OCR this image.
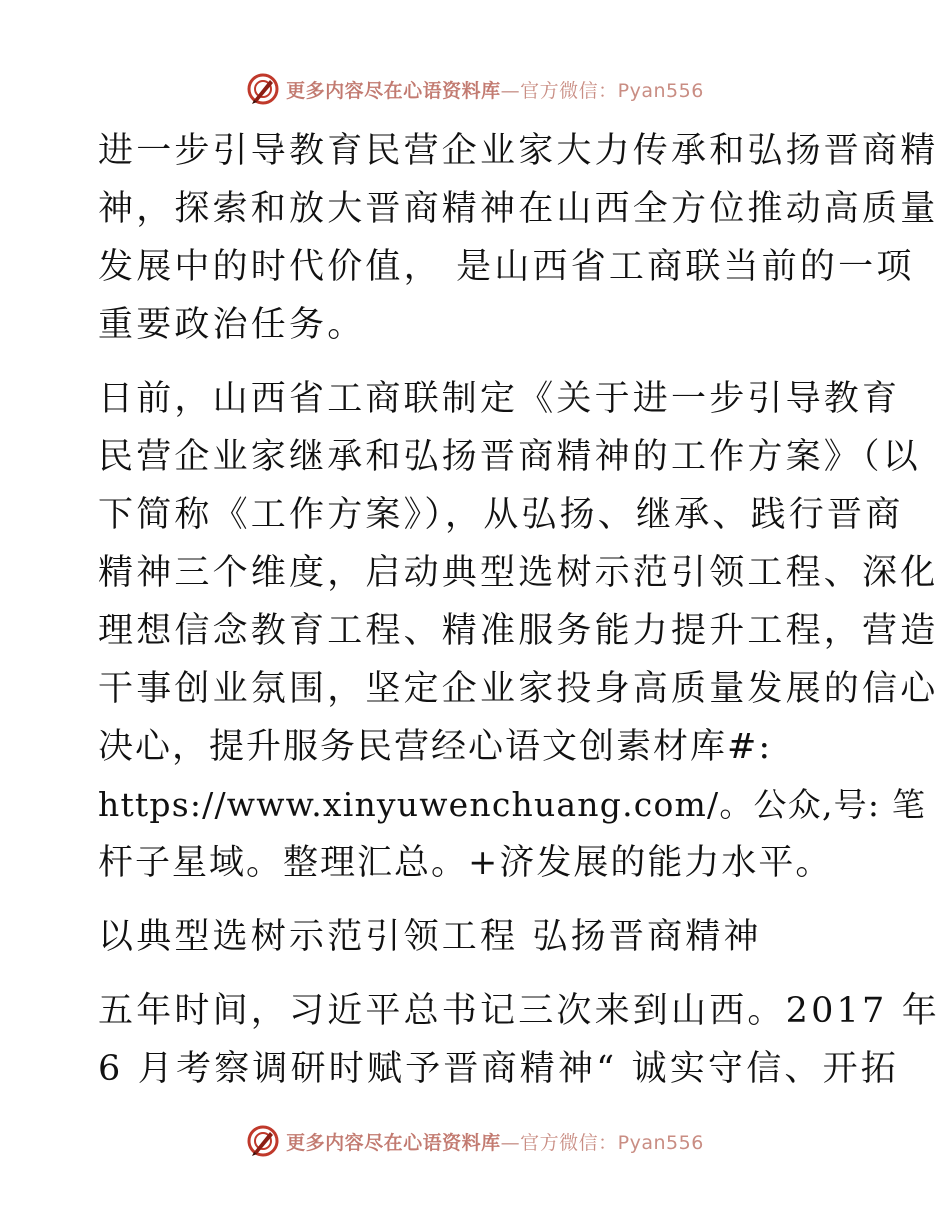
更多内容尽在心语资料库—官方微信：Pyan556
进一步引导教育民营企业家大力传承和弘扬晋商精
神，探索和放大晋商精神在山西全方位推动高质量
发展中的时代价值， 是山西省工商联当前的一项
重要政治任务。
日前，山西省工商联制定《关于进一步引导教育
民营企业家继承和弘扬晋商精神的工作方案》（以
下简称《工作方案》），从弘扬、继承、践行晋商
精神三个维度，启动典型选树示范引领工程、深化
理想信念教育工程、精准服务能力提升工程，营造
干事创业氛围，坚定企业家投身高质量发展的信心
决心，提升服务民营经心语文创素材库#:
https://www.xinyuwenchuang.com/。公众,号: 笔
杆子星域。整理汇总。+济发展的能力水平。
以典型选树示范引领工程 弘扬晋商精神
五年时间，习近平总书记三次来到山西。2017 年
6 月考察调研时赋予晋商精神“ 诚实守信、开拓
更多内容尽在心语资料库—官方微信：Pyan556
